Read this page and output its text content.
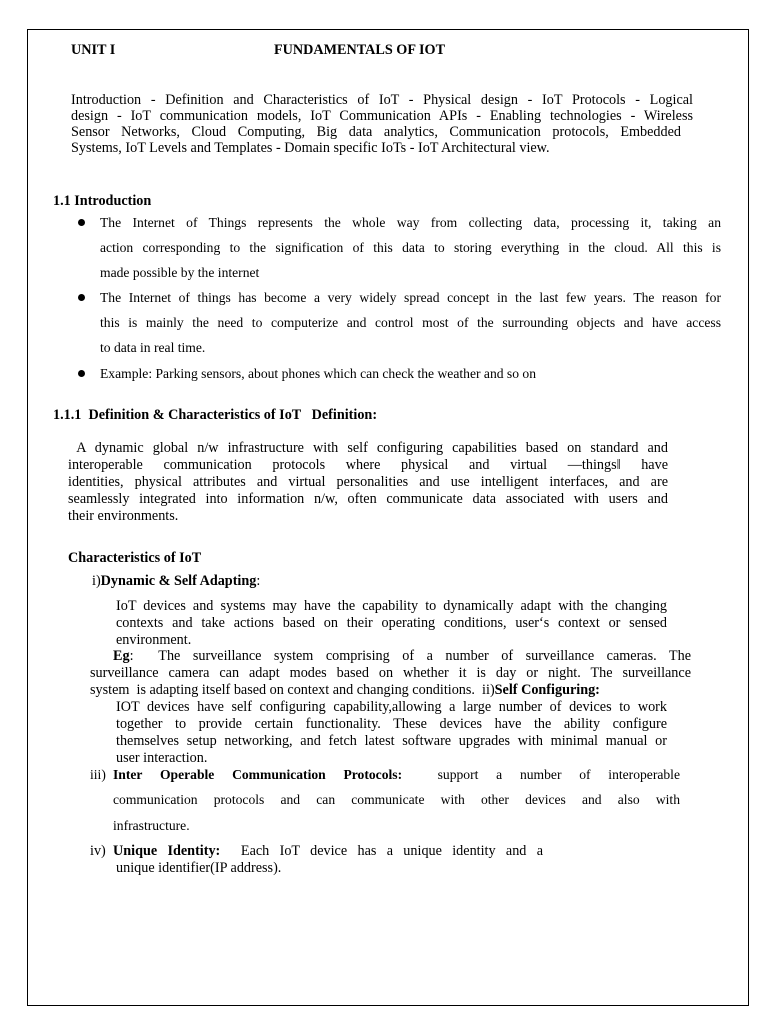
UNIT I	FUNDAMENTALS OF IOT
Introduction - Definition and Characteristics of IoT - Physical design - IoT Protocols - Logical
design - IoT communication models, IoT Communication APIs - Enabling technologies - Wireless
Sensor Networks, Cloud Computing, Big data analytics, Communication protocols, Embedded
Systems, IoT Levels and Templates - Domain specific IoTs - IoT Architectural view.
1.1 Introduction
The Internet of Things represents the whole way from collecting data, processing it, taking an
action corresponding to the signification of this data to storing everything in the cloud. All this is
made possible by the internet
The Internet of things has become a very widely spread concept in the last few years. The reason for
this is mainly the need to computerize and control most of the surrounding objects and have access
to data in real time.
Example: Parking sensors, about phones which can check the weather and so on
1.1.1  Definition & Characteristics of IoT   Definition:
A dynamic global n/w infrastructure with self configuring capabilities based on standard and
interoperable communication protocols where physical and virtual —things‖ have
identities, physical attributes and virtual personalities and use intelligent interfaces, and are
seamlessly integrated into information n/w, often communicate data associated with users and
their environments.
Characteristics of IoT
i)Dynamic & Self Adapting:
IoT devices and systems may have the capability to dynamically adapt with the changing
contexts and take actions based on their operating conditions, user‘s context or sensed
environment.
Eg:  The surveillance system comprising of a number of surveillance cameras. The
surveillance camera can adapt modes based on whether it is day or night. The surveillance
system  is adapting itself based on context and changing conditions.  ii)Self Configuring:
IOT devices have self configuring capability,allowing a large number of devices to work
together to provide certain functionality. These devices have the ability configure
themselves setup networking, and fetch latest software upgrades with minimal manual or
user interaction.
iii) Inter Operable Communication Protocols:	support a number of interoperable
communication protocols and can communicate with other devices and also with
infrastructure.
iv) Unique Identity: Each IoT device has a unique identity and a
unique identifier(IP address).
